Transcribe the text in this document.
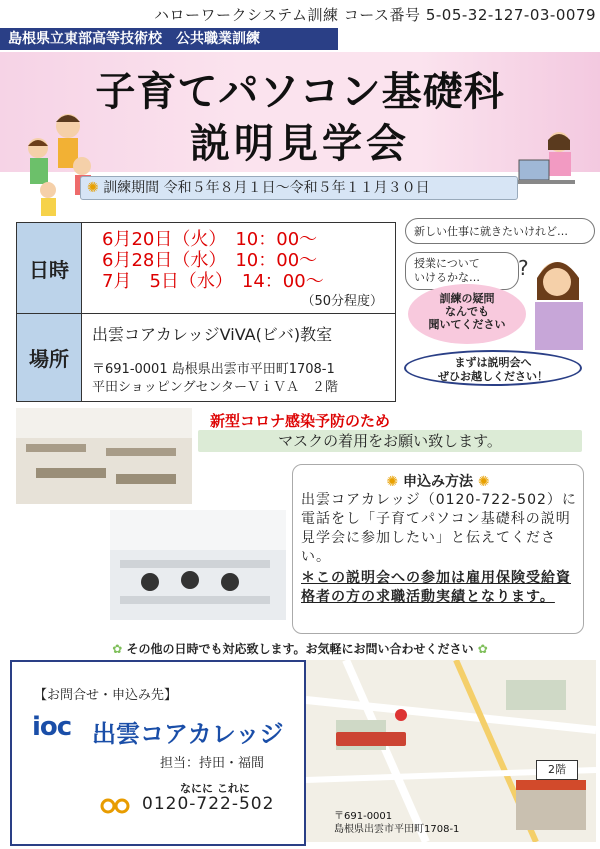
ハローワークシステム訓練 コース番号 5-05-32-127-03-0079
島根県立東部高等技術校　公共職業訓練
子育てパソコン基礎科
説明見学会
✺ 訓練期間 令和５年８月１日～令和５年１１月３０日
日時
6月20日（火）　10：00～
6月28日（水）　10：00～
7月　5日（水）　14：00～
（50分程度）
場所
出雲コアカレッジViVA(ビバ)教室
〒691-0001 島根県出雲市平田町1708-1
平田ショッピングセンターＶｉＶＡ　２階
新しい仕事に就きたいけれど…
授業について
いけるかな…	?
訓練の疑問
なんでも
聞いてください
まずは説明会へ
ぜひお越しください！
新型コロナ感染予防のため
マスクの着用をお願い致します。
✺ 申込み方法 ✺
出雲コアカレッジ（0120-722-502）に電話をし「子育てパソコン基礎科の説明見学会に参加したい」と伝えてください。
＊この説明会への参加は雇用保険受給資格者の方の求職活動実績となります。
✿ その他の日時でも対応致します。お気軽にお問い合わせください ✿
【お問合せ・申込み先】
ioc 出雲コアカレッジ
担当：持田・福間
なにに これに
0120-722-502
2階
〒691-0001
島根県出雲市平田町1708-1
